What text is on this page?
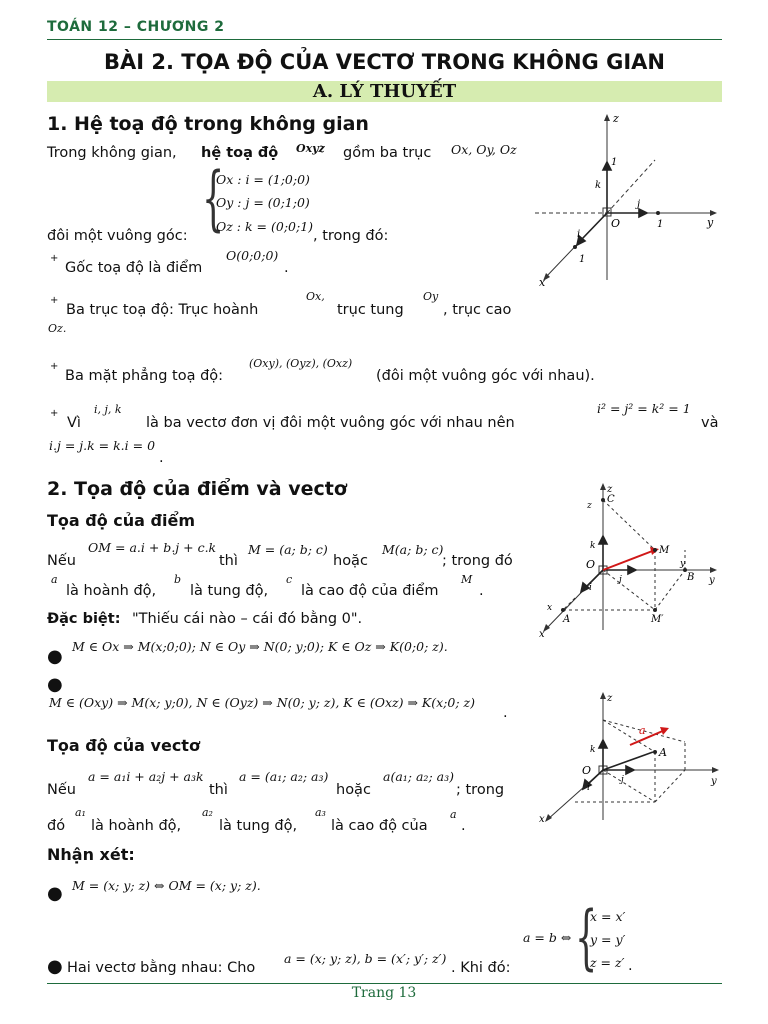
TOÁN 12 – CHƯƠNG 2
BÀI 2. TỌA ĐỘ CỦA VECTƠ TRONG KHÔNG GIAN
A. LÝ THUYẾT
1. Hệ toạ độ trong không gian
Trong không gian, hệ toạ độ Oxyz gồm ba trục Ox, Oy, Oz
{
Ox : i = (1;0;0)
Oy : j = (0;1;0)
Oz : k = (0;0;1)
đôi một vuông góc:	, trong đó:
+
Gốc toạ độ là điểm
O(0;0;0)
.
+
Ba trục toạ độ: Trục hoành
Ox,
trục tung
Oy
, trục cao
Oz.
+
Ba mặt phẳng toạ độ:
(Oxy), (Oyz), (Oxz)
(đôi một vuông góc với nhau).
+
Vì
i, j, k
là ba vectơ đơn vị đôi một vuông góc với nhau nên
i² = j² = k² = 1
và
i.j = j.k = k.i = 0
.
z
y
x
O
k
j
i
1
1
1
2. Tọa độ của điểm và vectơ
Tọa độ của điểm
Nếu
OM = a.i + b.j + c.k
thì
M = (a; b; c)
hoặc
M(a; b; c)
; trong đó
a
là hoành độ,
b
là tung độ,
c
là cao độ của điểm
M
.
Đặc biệt: "Thiếu cái nào – cái đó bằng 0".
● M ∈ Ox ⇒ M(x;0;0); N ∈ Oy ⇒ N(0; y;0); K ∈ Oz ⇒ K(0;0; z).
●
M ∈ (Oxy) ⇒ M(x; y;0), N ∈ (Oyz) ⇒ N(0; y; z), K ∈ (Oxz) ⇒ K(x;0; z)
.
Tọa độ của vectơ
Nếu
a = a₁i + a₂j + a₃k
thì
a = (a₁; a₂; a₃)
hoặc
a(a₁; a₂; a₃)
; trong
đó
a₁
là hoành độ,
a₂
là tung độ,
a₃
là cao độ của
a
.
Nhận xét:
● M = (x; y; z) ⇔ OM = (x; y; z).
a = b ⇔ {
x = x′
y = y′
z = z′ .
● Hai vectơ bằng nhau: Cho
a = (x; y; z), b = (x′; y′; z′)
. Khi đó:
z
y
x
O
C
z
M
y
B
x
A	M′
k
j
i
z
y
x
O
A
a
k
j
i
Trang 13
